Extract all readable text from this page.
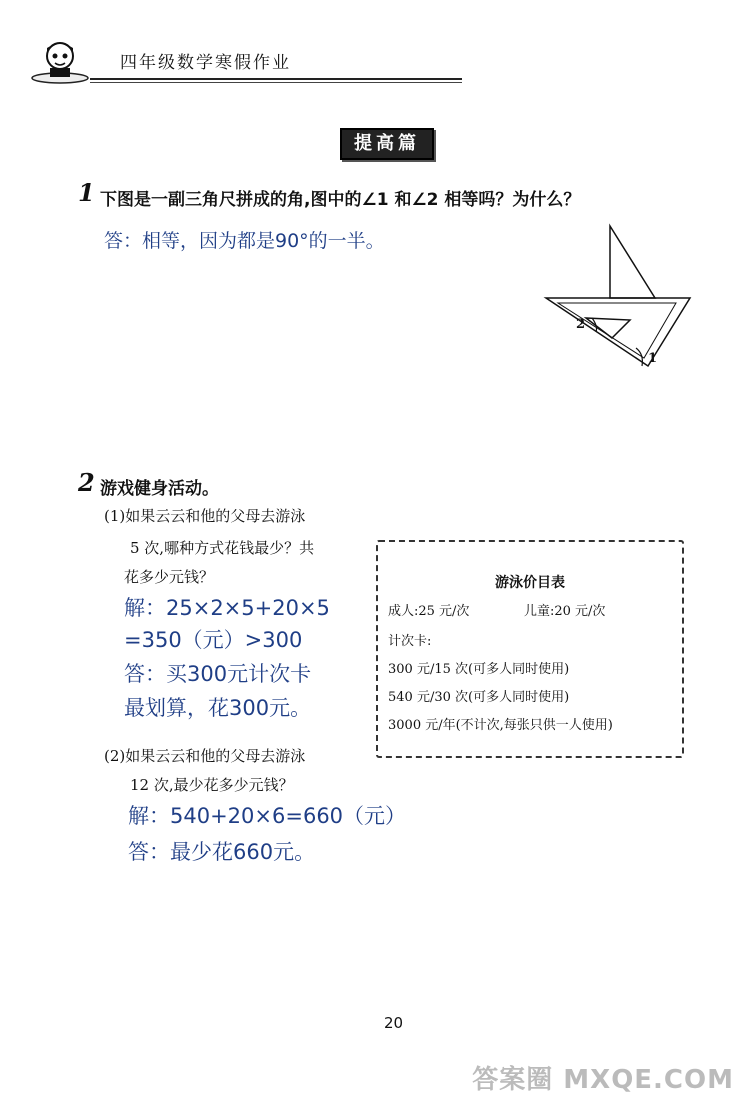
四年级数学寒假作业
提高篇
1 下图是一副三角尺拼成的角,图中的∠1 和∠2 相等吗？为什么？
答：相等，因为都是90°的一半。
2
1
2 游戏健身活动。
(1)如果云云和他的父母去游泳
5 次,哪种方式花钱最少？共
花多少元钱？
解：25×2×5+20×5
=350（元）>300
答：买300元计次卡
最划算，花300元。
(2)如果云云和他的父母去游泳
12 次,最少花多少元钱？
解：540+20×6=660（元）
答：最少花660元。
游泳价目表
成人:25 元/次	儿童:20 元/次
计次卡:
300 元/15 次(可多人同时使用)
540 元/30 次(可多人同时使用)
3000 元/年(不计次,每张只供一人使用)
20
答案圈 MXQE.COM
